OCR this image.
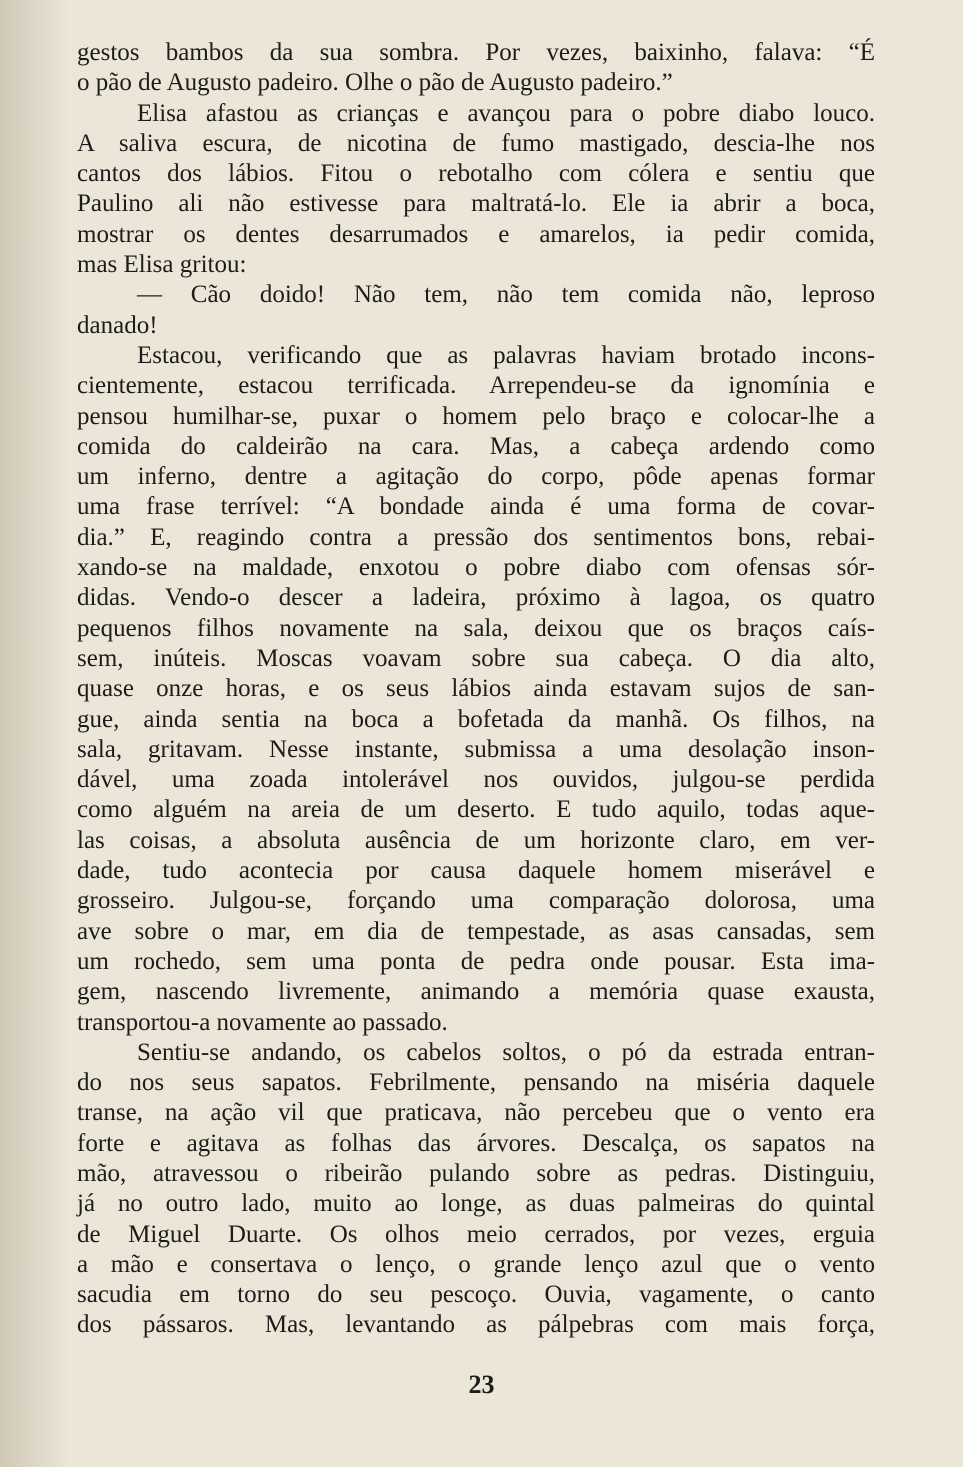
gestos bambos da sua sombra. Por vezes, baixinho, falava: “É
o pão de Augusto padeiro. Olhe o pão de Augusto padeiro.”
Elisa afastou as crianças e avançou para o pobre diabo louco.
A saliva escura, de nicotina de fumo mastigado, descia-lhe nos
cantos dos lábios. Fitou o rebotalho com cólera e sentiu que
Paulino ali não estivesse para maltratá-lo. Ele ia abrir a boca,
mostrar os dentes desarrumados e amarelos, ia pedir comida,
mas Elisa gritou:
— Cão doido! Não tem, não tem comida não, leproso
danado!
Estacou, verificando que as palavras haviam brotado incons-
cientemente, estacou terrificada. Arrependeu-se da ignomínia e
pensou humilhar-se, puxar o homem pelo braço e colocar-lhe a
comida do caldeirão na cara. Mas, a cabeça ardendo como
um inferno, dentre a agitação do corpo, pôde apenas formar
uma frase terrível: “A bondade ainda é uma forma de covar-
dia.” E, reagindo contra a pressão dos sentimentos bons, rebai-
xando-se na maldade, enxotou o pobre diabo com ofensas sór-
didas. Vendo-o descer a ladeira, próximo à lagoa, os quatro
pequenos filhos novamente na sala, deixou que os braços caís-
sem, inúteis. Moscas voavam sobre sua cabeça. O dia alto,
quase onze horas, e os seus lábios ainda estavam sujos de san-
gue, ainda sentia na boca a bofetada da manhã. Os filhos, na
sala, gritavam. Nesse instante, submissa a uma desolação inson-
dável, uma zoada intolerável nos ouvidos, julgou-se perdida
como alguém na areia de um deserto. E tudo aquilo, todas aque-
las coisas, a absoluta ausência de um horizonte claro, em ver-
dade, tudo acontecia por causa daquele homem miserável e
grosseiro. Julgou-se, forçando uma comparação dolorosa, uma
ave sobre o mar, em dia de tempestade, as asas cansadas, sem
um rochedo, sem uma ponta de pedra onde pousar. Esta ima-
gem, nascendo livremente, animando a memória quase exausta,
transportou-a novamente ao passado.
Sentiu-se andando, os cabelos soltos, o pó da estrada entran-
do nos seus sapatos. Febrilmente, pensando na miséria daquele
transe, na ação vil que praticava, não percebeu que o vento era
forte e agitava as folhas das árvores. Descalça, os sapatos na
mão, atravessou o ribeirão pulando sobre as pedras. Distinguiu,
já no outro lado, muito ao longe, as duas palmeiras do quintal
de Miguel Duarte. Os olhos meio cerrados, por vezes, erguia
a mão e consertava o lenço, o grande lenço azul que o vento
sacudia em torno do seu pescoço. Ouvia, vagamente, o canto
dos pássaros. Mas, levantando as pálpebras com mais força,
23
